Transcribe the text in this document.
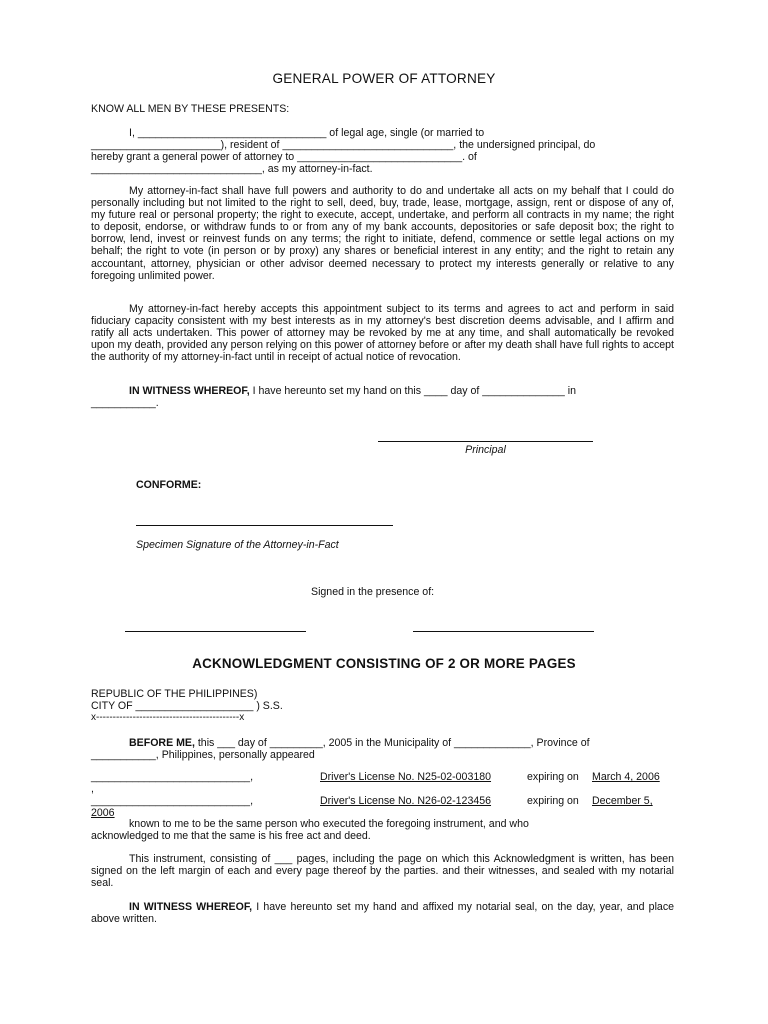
GENERAL POWER OF ATTORNEY
KNOW ALL MEN BY THESE PRESENTS:
I, ________________________________ of legal age, single (or married to
______________________), resident of _____________________________, the undersigned principal, do
hereby grant a general power of attorney to ____________________________. of
_____________________________, as my attorney-in-fact.
My attorney-in-fact shall have full powers and authority to do and undertake all acts on my behalf that I could do personally including but not limited to the right to sell, deed, buy, trade, lease, mortgage, assign, rent or dispose of any of, my future real or personal property; the right to execute, accept, undertake, and perform all contracts in my name; the right to deposit, endorse, or withdraw funds to or from any of my bank accounts, depositories or safe deposit box; the right to borrow, lend, invest or reinvest funds on any terms; the right to initiate, defend, commence or settle legal actions on my behalf; the right to vote (in person or by proxy) any shares or beneficial interest in any entity; and the right to retain any accountant, attorney, physician or other advisor deemed necessary to protect my interests generally or relative to any foregoing unlimited power.
My attorney-in-fact hereby accepts this appointment subject to its terms and agrees to act and perform in said fiduciary capacity consistent with my best interests as in my attorney's best discretion deems advisable, and I affirm and ratify all acts undertaken. This power of attorney may be revoked by me at any time, and shall automatically be revoked upon my death, provided any person relying on this power of attorney before or after my death shall have full rights to accept the authority of my attorney-in-fact until in receipt of actual notice of revocation.
IN WITNESS WHEREOF, I have hereunto set my hand on this ____ day of ______________ in
___________.
Principal
CONFORME:
Specimen Signature of the Attorney-in-Fact
Signed in the presence of:
ACKNOWLEDGMENT CONSISTING OF 2 OR MORE PAGES
REPUBLIC OF THE PHILIPPINES)
CITY OF ____________________ ) S.S.
x-------------------------------------------x
BEFORE ME, this ___ day of _________, 2005 in the Municipality of _____________, Province of
___________, Philippines, personally appeared
___________________________,	Driver's License No. N25-02-003180	expiring on March 4, 2006
,
___________________________,	Driver's License No. N26-02-123456	expiring on December 5,
2006
known to me to be the same person who executed the foregoing instrument, and who
acknowledged to me that the same is his free act and deed.
This instrument, consisting of ___ pages, including the page on which this Acknowledgment is written, has been signed on the left margin of each and every page thereof by the parties. and their witnesses, and sealed with my notarial seal.
IN WITNESS WHEREOF, I have hereunto set my hand and affixed my notarial seal, on the day, year, and place above written.
